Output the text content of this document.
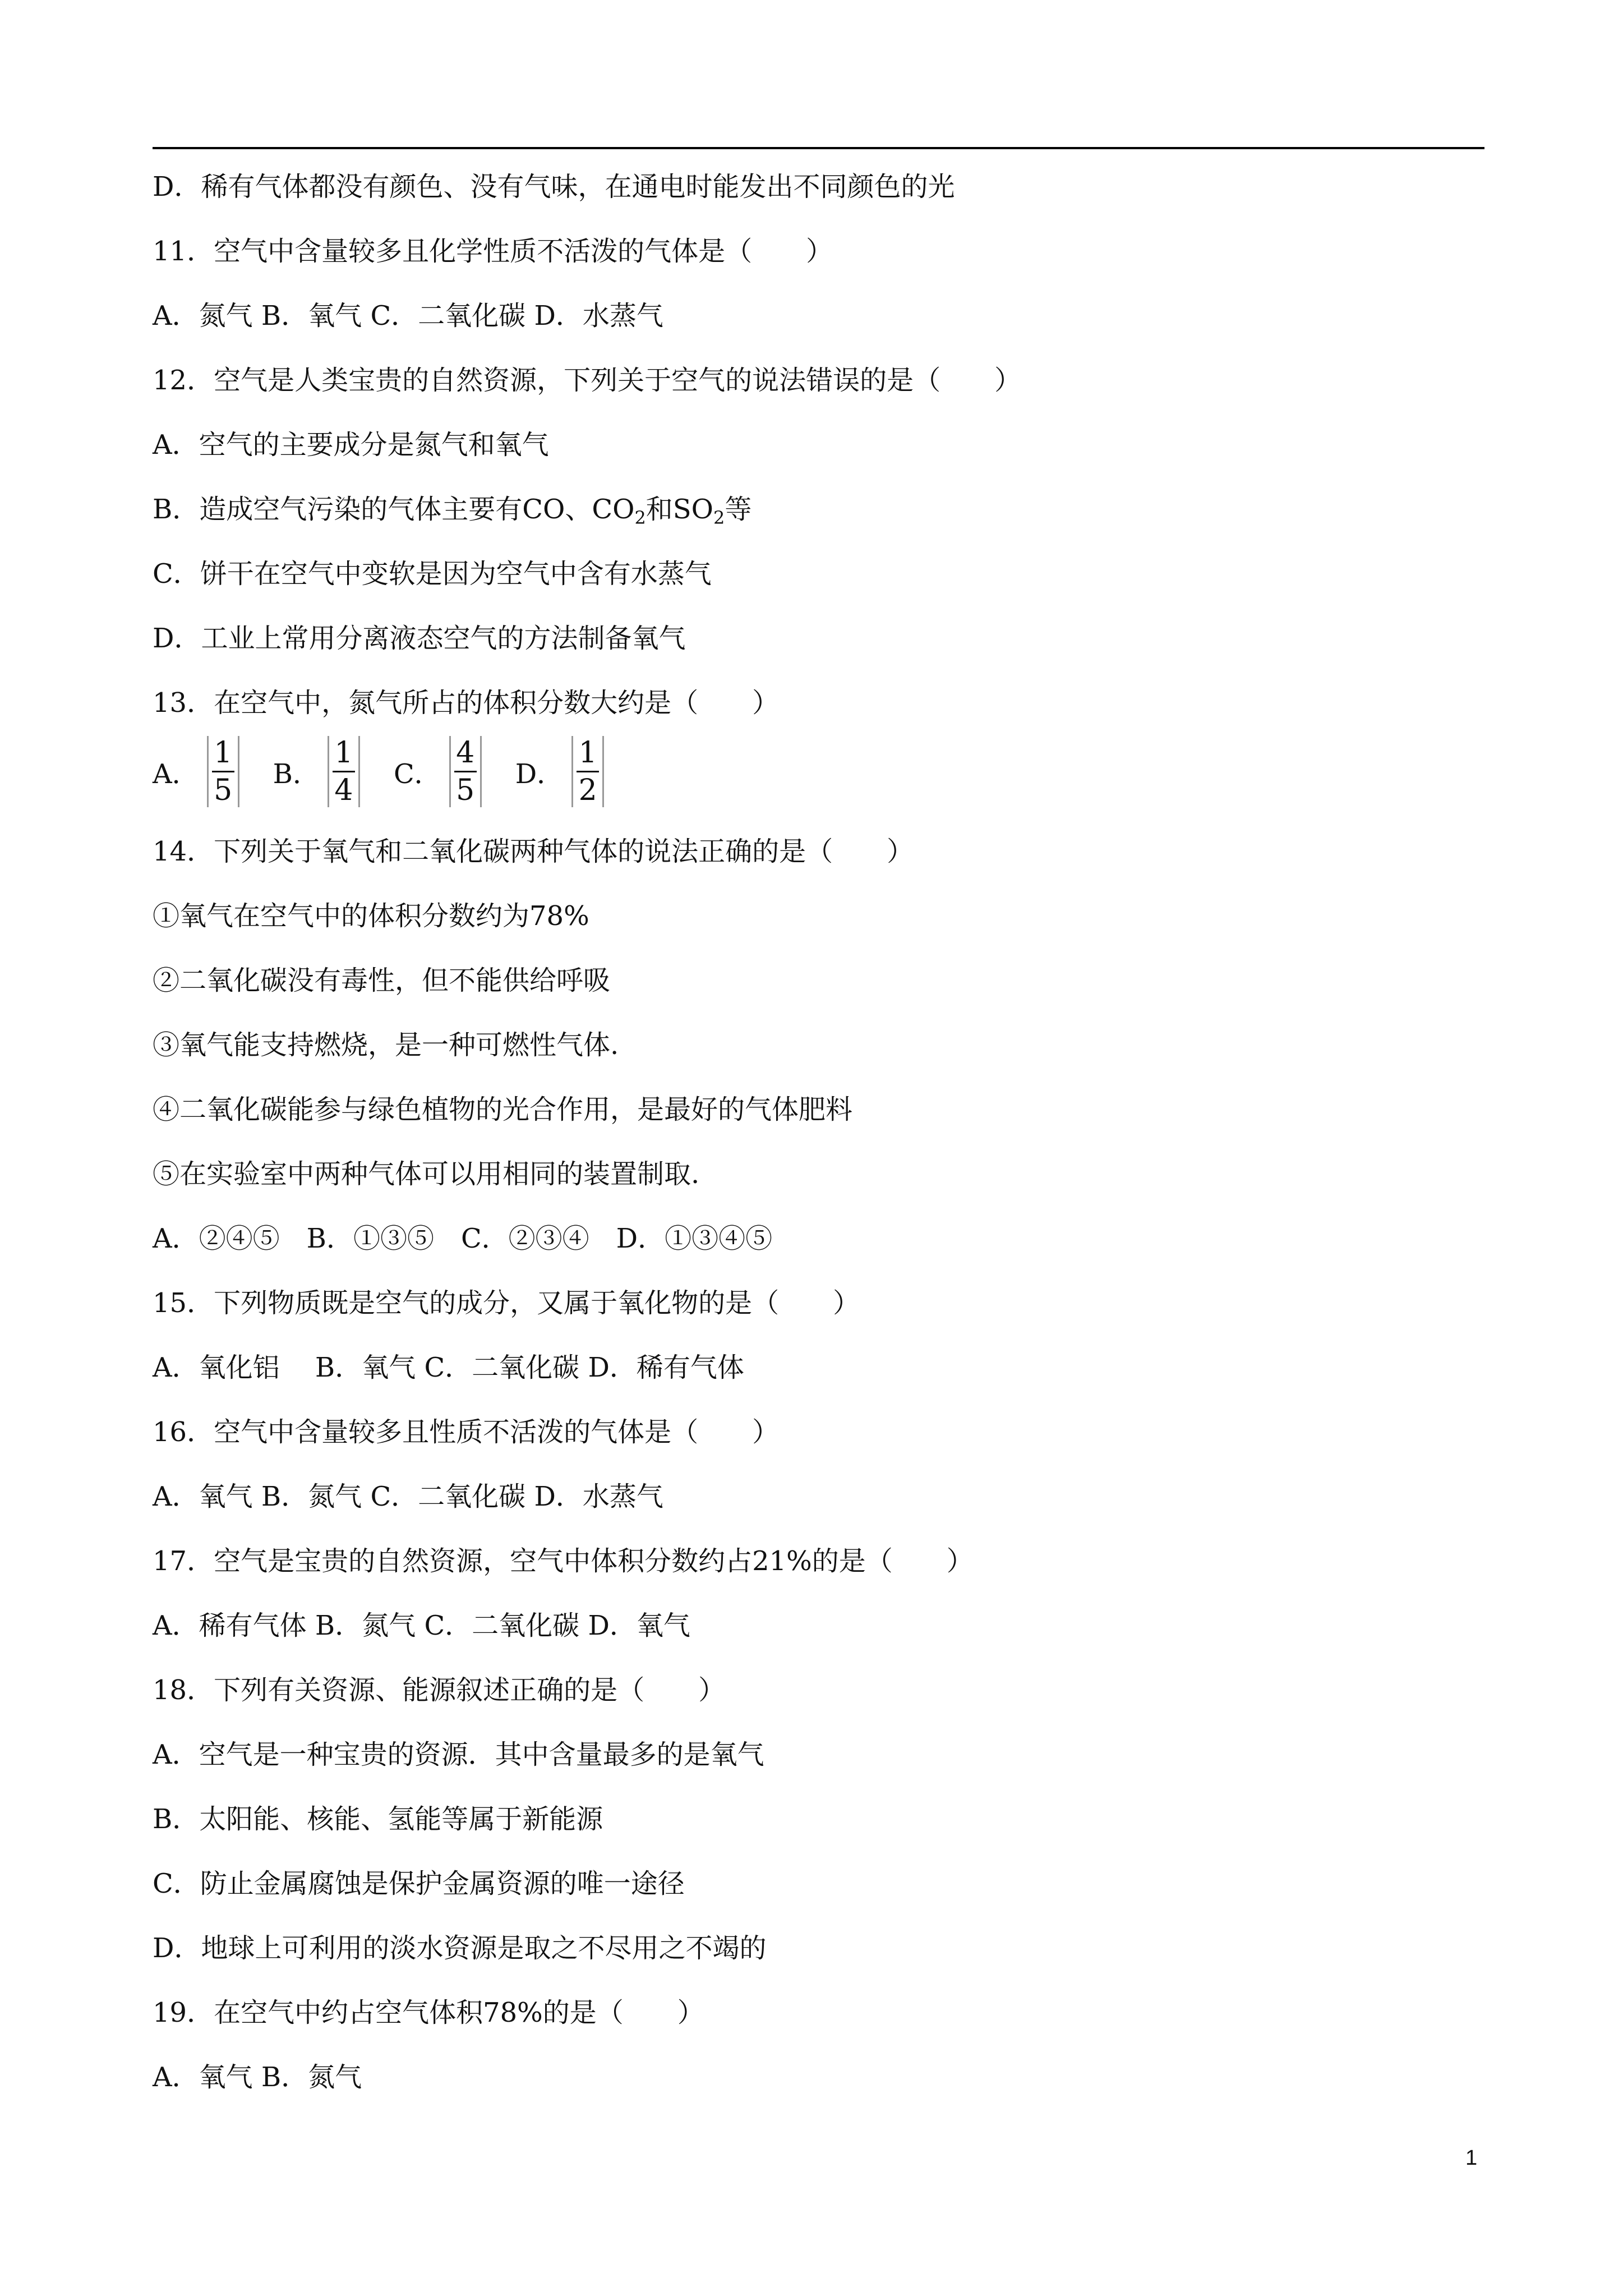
D．稀有气体都没有颜色、没有气味，在通电时能发出不同颜色的光
11．空气中含量较多且化学性质不活泼的气体是（　　）
A．氮气 B．氧气 C．二氧化碳 D．水蒸气
12．空气是人类宝贵的自然资源，下列关于空气的说法错误的是（　　）
A．空气的主要成分是氮气和氧气
B．造成空气污染的气体主要有CO、$CO_2$和$SO_2$等
C．饼干在空气中变软是因为空气中含有水蒸气
D．工业上常用分离液态空气的方法制备氧气
13．在空气中，氮气所占的体积分数大约是（　　）
A． $\frac{1}{5}$ B． $\frac{1}{4}$ C． $\frac{4}{5}$ D． $\frac{1}{2}$
14．下列关于氧气和二氧化碳两种气体的说法正确的是（　　）
①氧气在空气中的体积分数约为78%
②二氧化碳没有毒性，但不能供给呼吸
③氧气能支持燃烧，是一种可燃性气体.
④二氧化碳能参与绿色植物的光合作用，是最好的气体肥料
⑤在实验室中两种气体可以用相同的装置制取.
A．②④⑤　B．①③⑤　C．②③④　D．①③④⑤
15．下列物质既是空气的成分，又属于氧化物的是（　　）
A．氧化铝　 B．氧气 C．二氧化碳 D．稀有气体
16．空气中含量较多且性质不活泼的气体是（　　）
A．氧气 B．氮气 C．二氧化碳 D．水蒸气
17．空气是宝贵的自然资源，空气中体积分数约占21%的是（　　）
A．稀有气体 B．氮气 C．二氧化碳 D．氧气
18．下列有关资源、能源叙述正确的是（　　）
A．空气是一种宝贵的资源．其中含量最多的是氧气
B．太阳能、核能、氢能等属于新能源
C．防止金属腐蚀是保护金属资源的唯一途径
D．地球上可利用的淡水资源是取之不尽用之不竭的
19．在空气中约占空气体积78%的是（　　）
A．氧气 B．氮气
1
